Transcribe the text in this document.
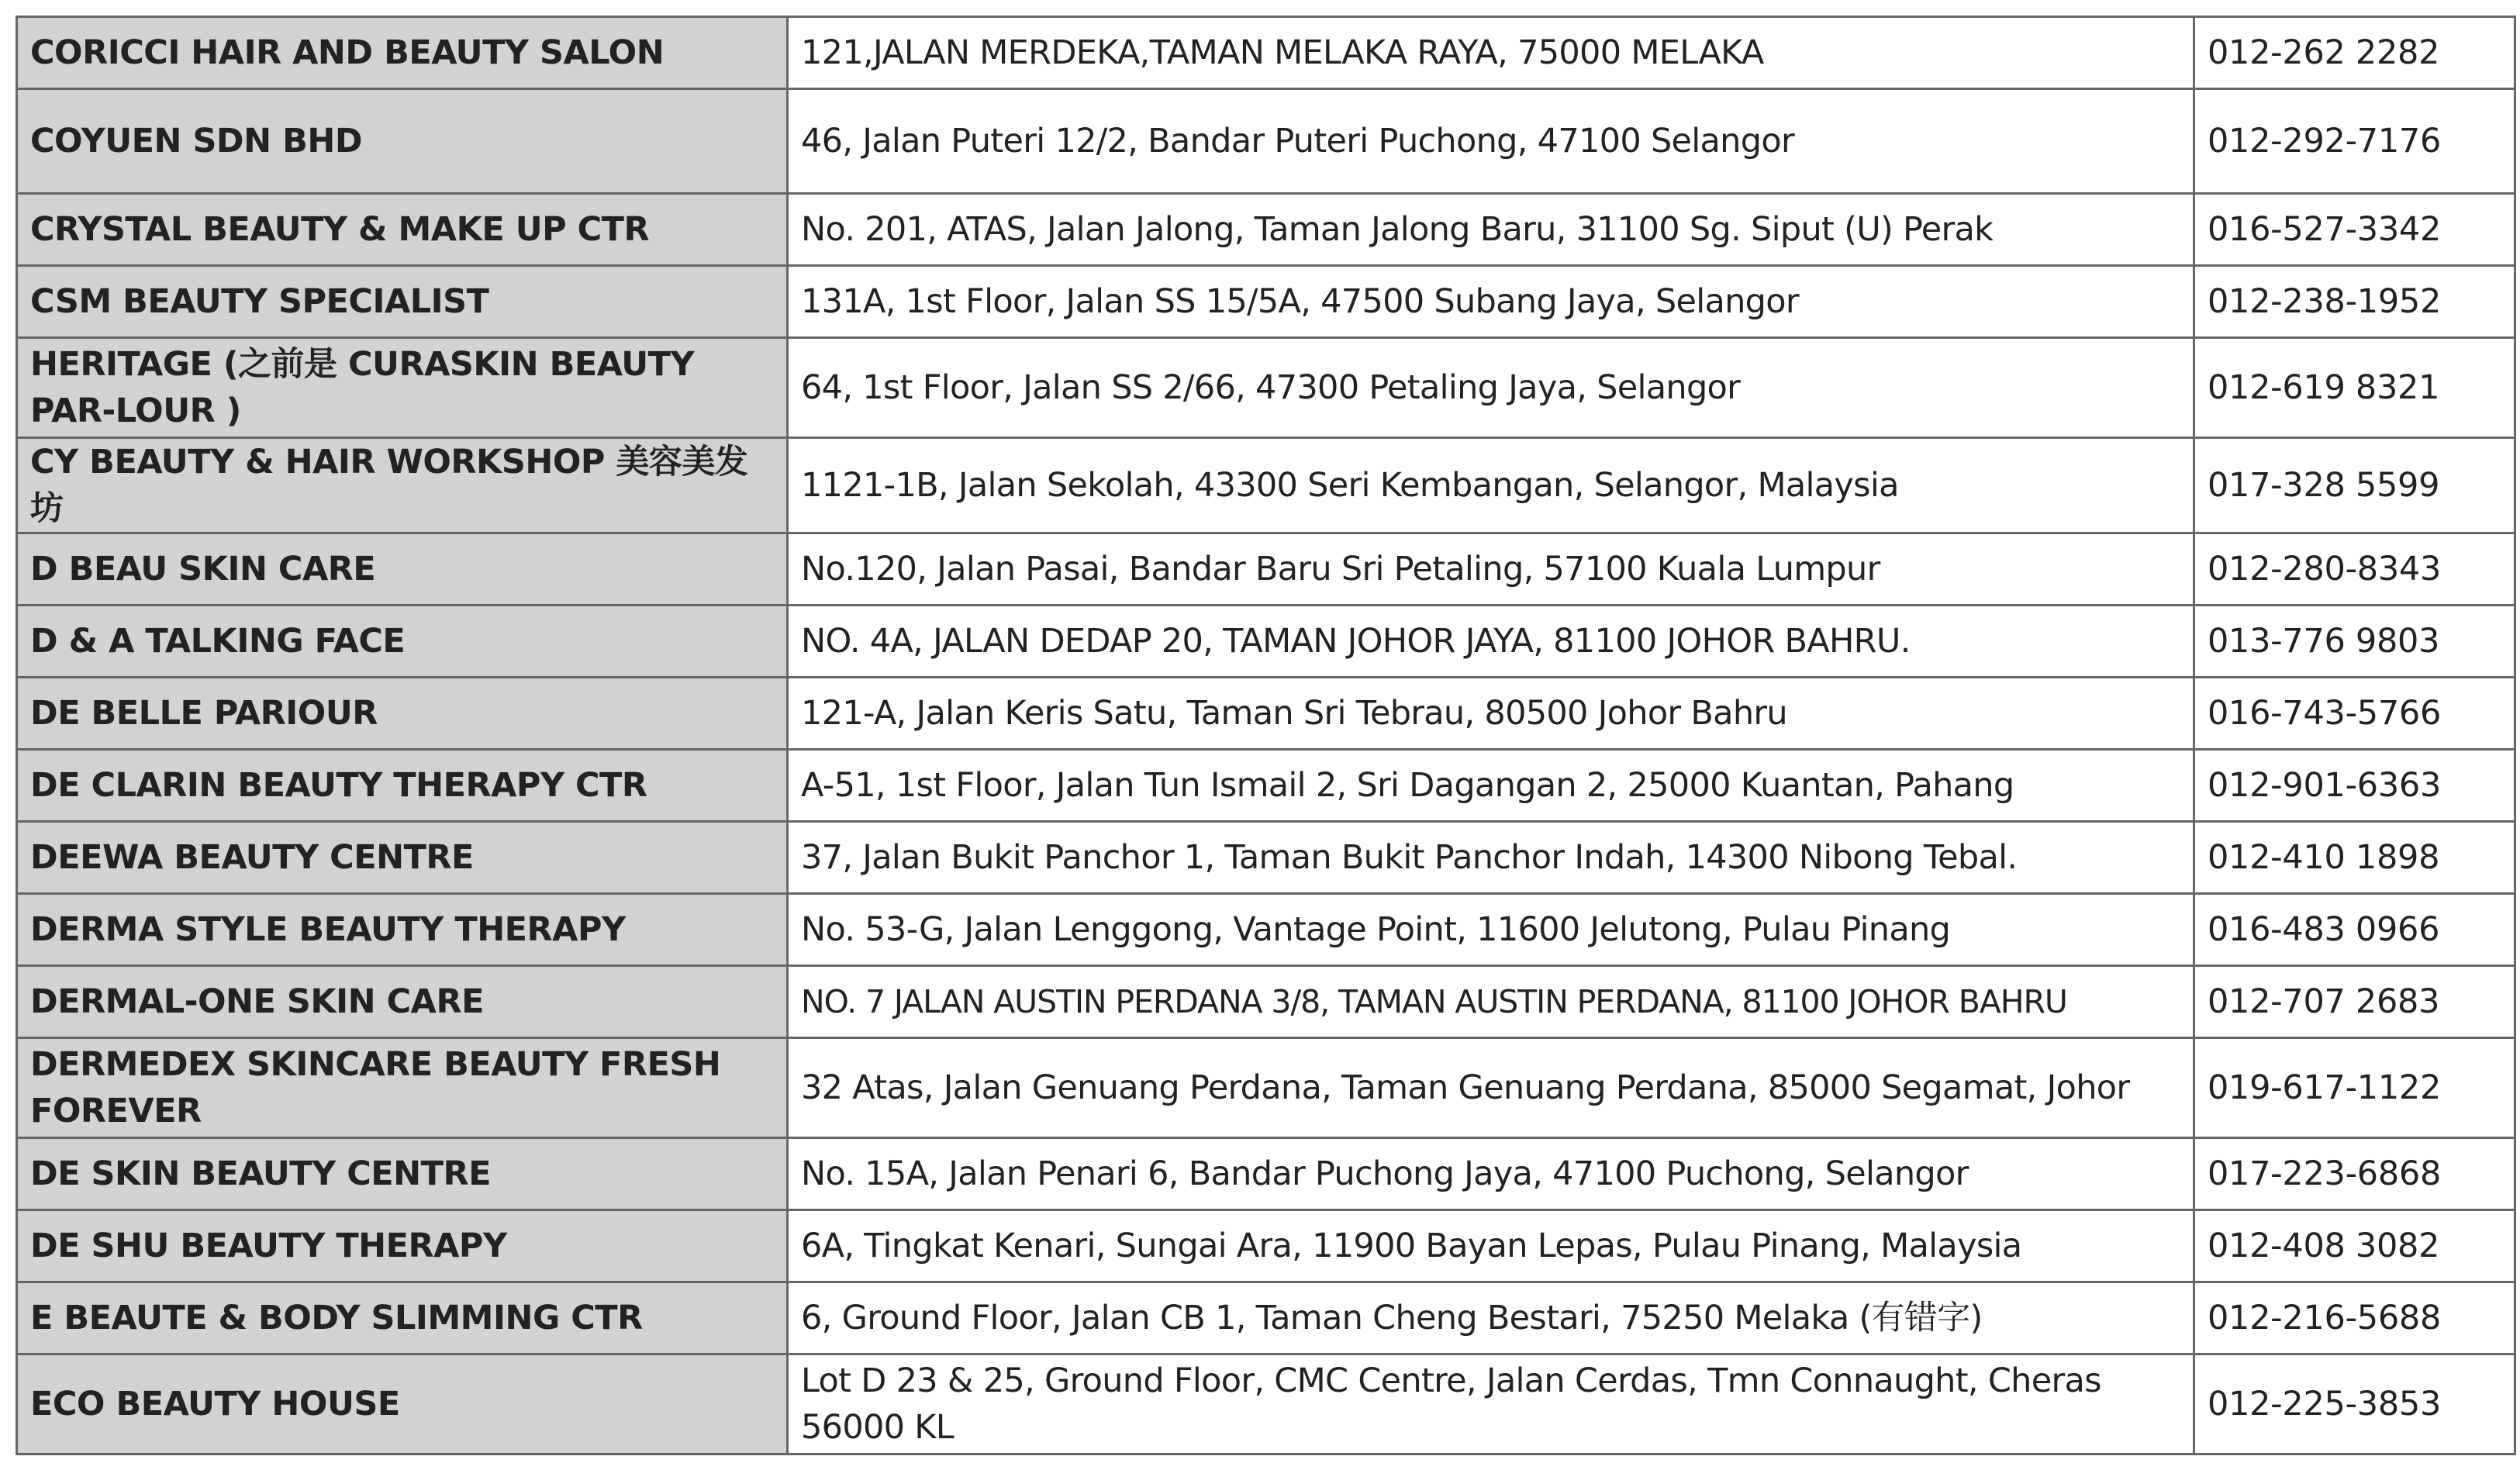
CORICCI HAIR AND BEAUTY SALON	121,JALAN MERDEKA,TAMAN MELAKA RAYA, 75000 MELAKA	012-262 2282
COYUEN SDN BHD	46, Jalan Puteri 12/2, Bandar Puteri Puchong, 47100 Selangor	012-292-7176
CRYSTAL BEAUTY & MAKE UP CTR	No. 201, ATAS, Jalan Jalong, Taman Jalong Baru, 31100 Sg. Siput (U) Perak	016-527-3342
CSM BEAUTY SPECIALIST	131A, 1st Floor, Jalan SS 15/5A, 47500 Subang Jaya, Selangor	012-238-1952
HERITAGE (之前是 CURASKIN BEAUTY PAR-LOUR )	64, 1st Floor, Jalan SS 2/66, 47300 Petaling Jaya, Selangor	012-619 8321
CY BEAUTY & HAIR WORKSHOP 美容美发坊	1121-1B, Jalan Sekolah, 43300 Seri Kembangan, Selangor, Malaysia	017-328 5599
D BEAU SKIN CARE	No.120, Jalan Pasai, Bandar Baru Sri Petaling, 57100 Kuala Lumpur	012-280-8343
D & A TALKING FACE	NO. 4A, JALAN DEDAP 20, TAMAN JOHOR JAYA, 81100 JOHOR BAHRU.	013-776 9803
DE BELLE PARIOUR	121-A, Jalan Keris Satu, Taman Sri Tebrau, 80500 Johor Bahru	016-743-5766
DE CLARIN BEAUTY THERAPY CTR	A-51, 1st Floor, Jalan Tun Ismail 2, Sri Dagangan 2, 25000 Kuantan, Pahang	012-901-6363
DEEWA BEAUTY CENTRE	37, Jalan Bukit Panchor 1, Taman Bukit Panchor Indah, 14300 Nibong Tebal.	012-410 1898
DERMA STYLE BEAUTY THERAPY	No. 53-G, Jalan Lenggong, Vantage Point, 11600 Jelutong, Pulau Pinang	016-483 0966
DERMAL-ONE SKIN CARE	NO. 7 JALAN AUSTIN PERDANA 3/8, TAMAN AUSTIN PERDANA, 81100 JOHOR BAHRU	012-707 2683
DERMEDEX SKINCARE BEAUTY FRESH FOREVER	32 Atas, Jalan Genuang Perdana, Taman Genuang Perdana, 85000 Segamat, Johor	019-617-1122
DE SKIN BEAUTY CENTRE	No. 15A, Jalan Penari 6, Bandar Puchong Jaya, 47100 Puchong, Selangor	017-223-6868
DE SHU BEAUTY THERAPY	6A, Tingkat Kenari, Sungai Ara, 11900 Bayan Lepas, Pulau Pinang, Malaysia	012-408 3082
E BEAUTE & BODY SLIMMING CTR	6, Ground Floor, Jalan CB 1, Taman Cheng Bestari, 75250 Melaka (有错字)	012-216-5688
ECO BEAUTY HOUSE	Lot D 23 & 25, Ground Floor, CMC Centre, Jalan Cerdas, Tmn Connaught, Cheras 56000 KL	012-225-3853
